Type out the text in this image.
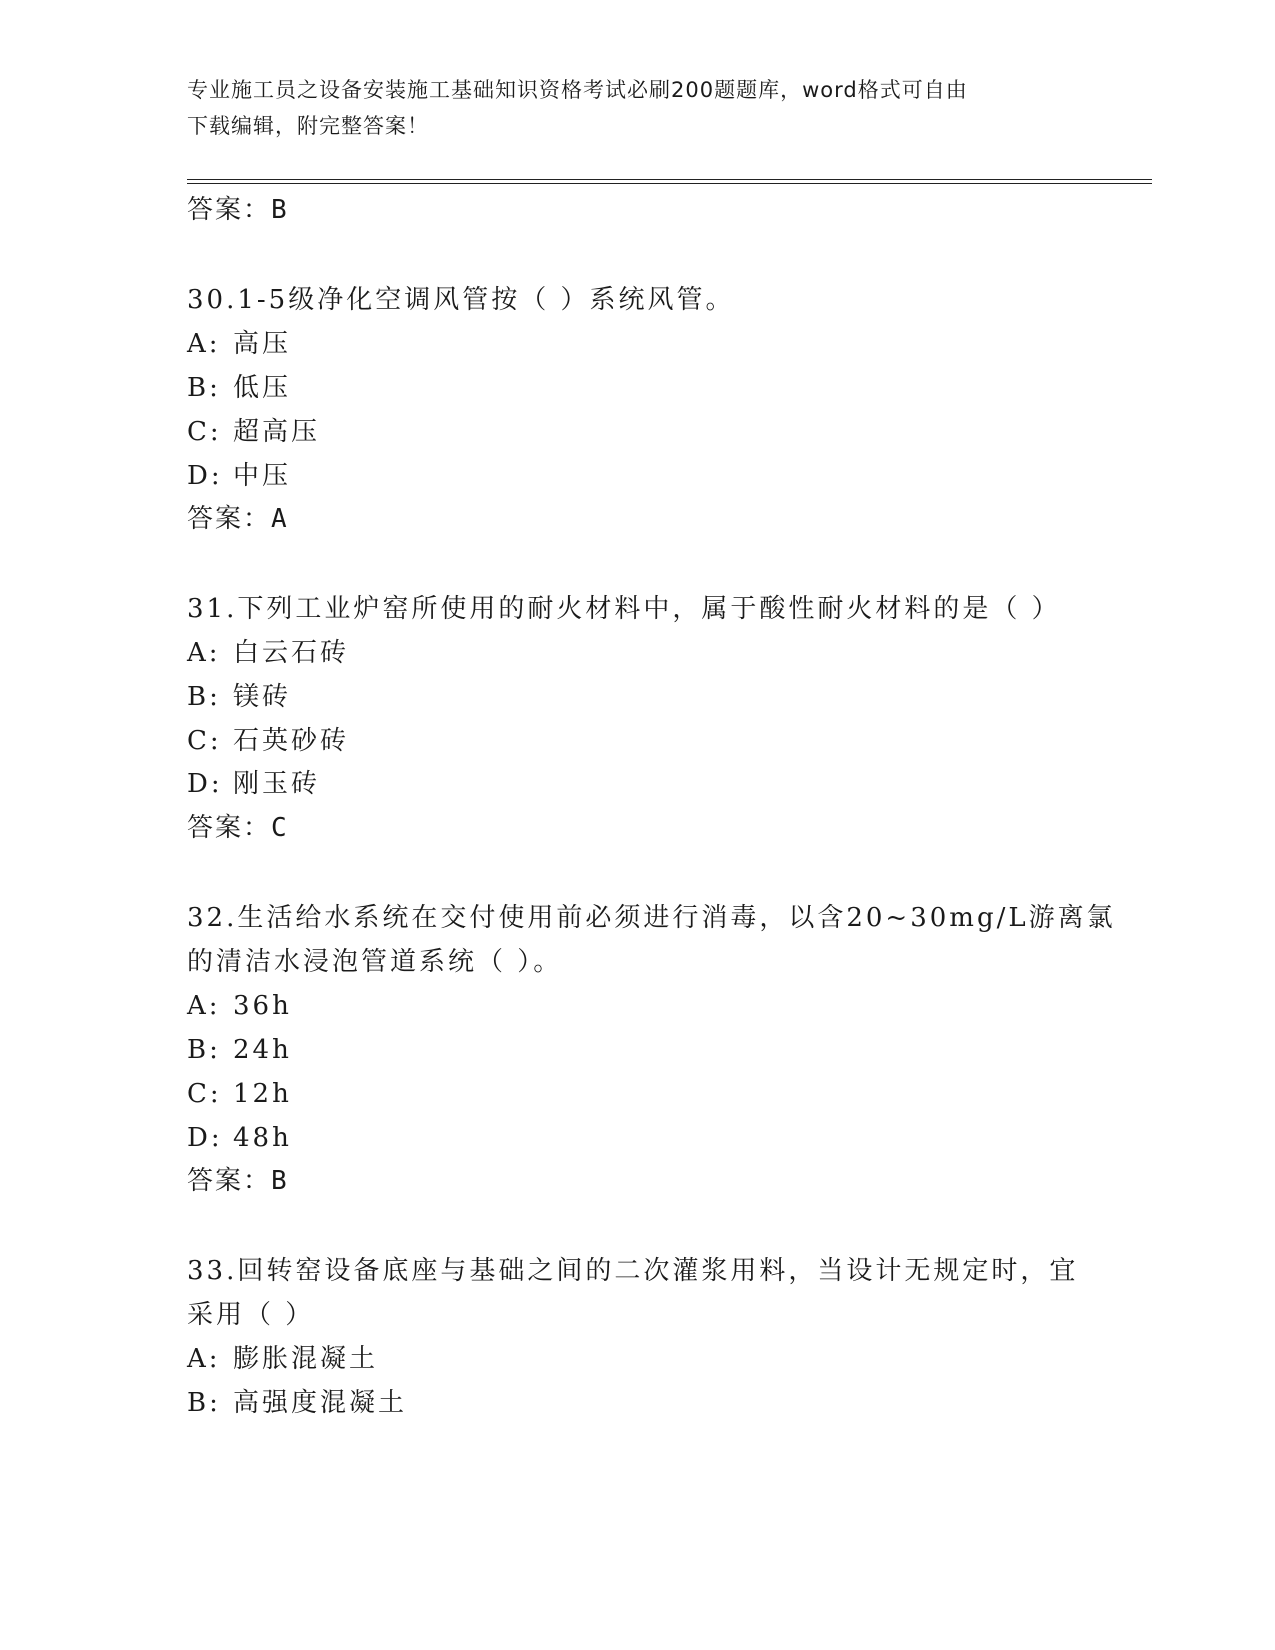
专业施工员之设备安装施工基础知识资格考试必刷200题题库，word格式可自由
下载编辑，附完整答案！
答案：B
30.1-5级净化空调风管按（ ）系统风管。
A: 高压
B: 低压
C: 超高压
D: 中压
答案：A
31.下列工业炉窑所使用的耐火材料中，属于酸性耐火材料的是（ ）
A: 白云石砖
B: 镁砖
C: 石英砂砖
D: 刚玉砖
答案：C
32.生活给水系统在交付使用前必须进行消毒，以含20~30mg/L游离氯
的清洁水浸泡管道系统（ ）。
A: 36h
B: 24h
C: 12h
D: 48h
答案：B
33.回转窑设备底座与基础之间的二次灌浆用料，当设计无规定时，宜
采用（ ）
A: 膨胀混凝土
B: 高强度混凝土
